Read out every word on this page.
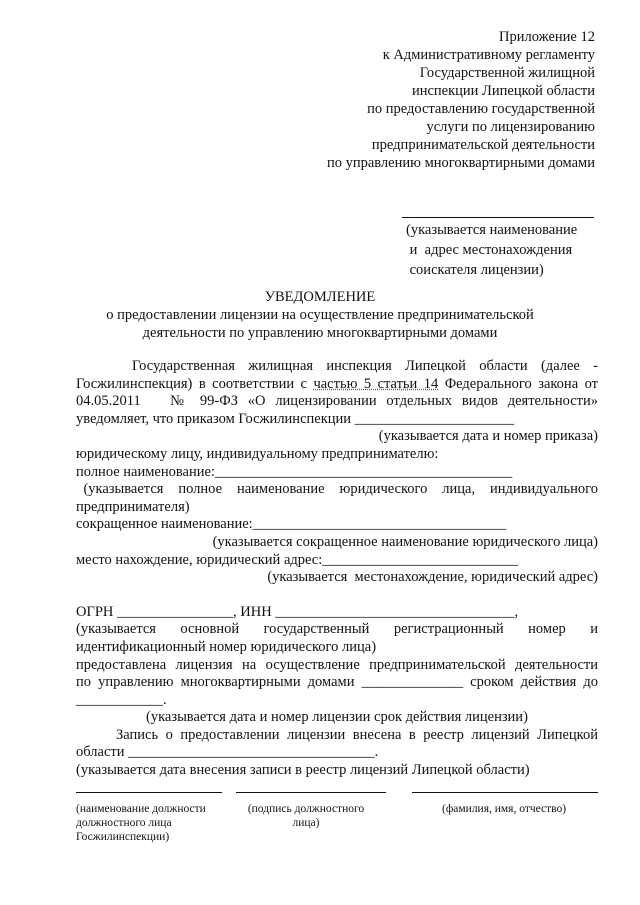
Приложение 12
к Административному регламенту
Государственной жилищной
инспекции Липецкой области
по предоставлению государственной
услуги по лицензированию
предпринимательской деятельности
по управлению многоквартирными домами
(указывается наименование
и  адрес местонахождения
соискателя лицензии)
УВЕДОМЛЕНИЕ
о предоставлении лицензии на осуществление предпринимательской
деятельности по управлению многоквартирными домами

Государственная жилищная инспекция Липецкой области (далее -

Госжилинспекция) в соответствии с частью 5 статьи 14 Федерального закона от

04.05.2011   № 99-ФЗ «О лицензировании отдельных видов деятельности»

уведомляет, что приказом Госжилинспекции ______________________

(указывается дата и номер приказа)

юридическому лицу, индивидуальному предпринимателю:

полное наименование:_________________________________________

(указывается  полное  наименование  юридического  лица,  индивидуального предпринимателя)

сокращенное наименование:___________________________________

(указывается сокращенное наименование юридического лица)

место нахождение, юридический адрес:___________________________

(указывается  местонахождение, юридический адрес)

ОГРН ________________, ИНН _________________________________,

(указывается   основной   государственный   регистрационный   номер   и идентификационный номер юридического лица)

предоставлена лицензия на осуществление предпринимательской деятельности

по управлению многоквартирными домами ______________ сроком действия до

____________.

(указывается дата и номер лицензии срок действия лицензии)

Запись о предоставлении лицензии внесена в реестр лицензий Липецкой

области __________________________________.

(указывается дата внесения записи в реестр лицензий Липецкой области)

(наименование должности
должностного лица
Госжилинспекции)
(подпись должностного
лица)
(фамилия, имя, отчество)
